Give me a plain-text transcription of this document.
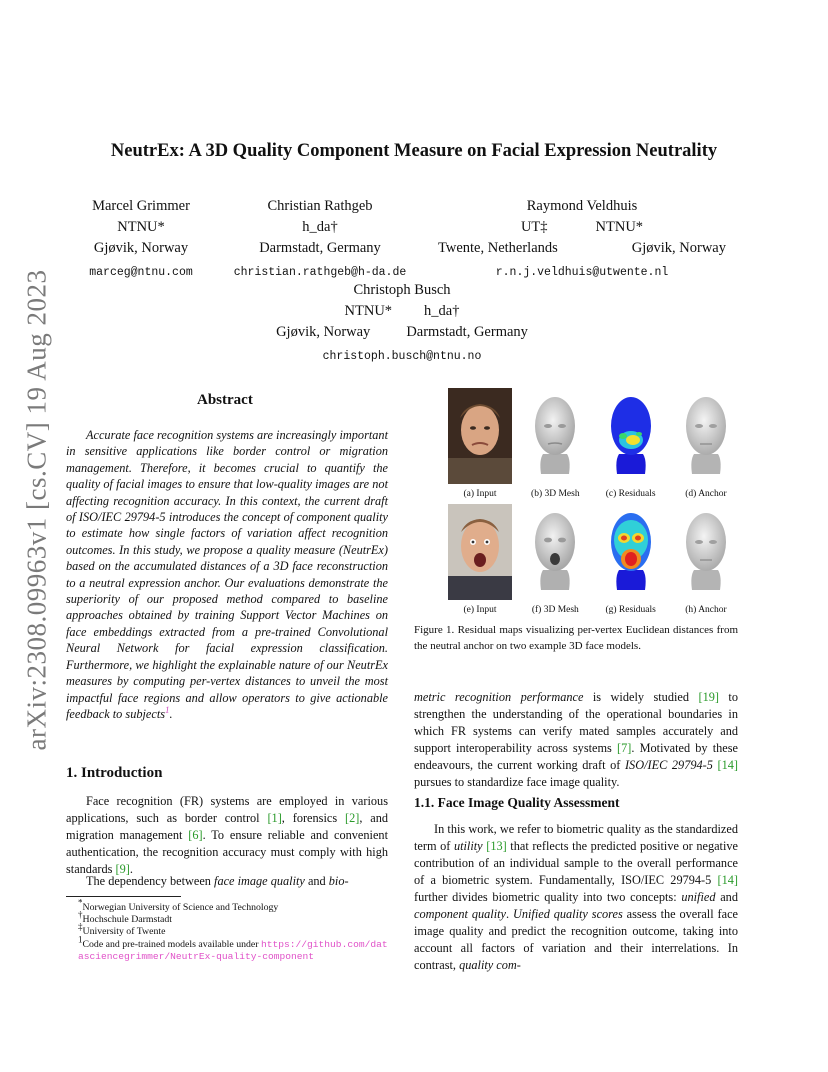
arXiv:2308.09963v1 [cs.CV] 19 Aug 2023
NeutrEx: A 3D Quality Component Measure on Facial Expression Neutrality
Marcel Grimmer
NTNU*
Gjøvik, Norway
marceg@ntnu.com
Christian Rathgeb
h_da†
Darmstadt, Germany
christian.rathgeb@h-da.de
Raymond Veldhuis
UT‡	NTNU*
Twente, Netherlands	Gjøvik, Norway
r.n.j.veldhuis@utwente.nl
Christoph Busch
NTNU* h_da†
Gjøvik, Norway Darmstadt, Germany
christoph.busch@ntnu.no
Abstract

Accurate face recognition systems are increasingly important in sensitive applications like border control or migration management. Therefore, it becomes crucial to quantify the quality of facial images to ensure that low-quality images are not affecting recognition accuracy. In this context, the current draft of ISO/IEC 29794-5 introduces the concept of component quality to estimate how single factors of variation affect recognition outcomes. In this study, we propose a quality measure (NeutrEx) based on the accumulated distances of a 3D face reconstruction to a neutral expression anchor. Our evaluations demonstrate the superiority of our proposed method compared to baseline approaches obtained by training Support Vector Machines on face embeddings extracted from a pre-trained Convolutional Neural Network for facial expression classification. Furthermore, we highlight the explainable nature of our NeutrEx measures by computing per-vertex distances to unveil the most impactful face regions and allow operators to give actionable feedback to subjects$^1$.

1. Introduction

Face recognition (FR) systems are employed in various applications, such as border control [1], forensics [2], and migration management [6]. To ensure reliable and convenient authentication, the recognition accuracy must comply with high standards [9].

The dependency between face image quality and bio-

*Norwegian University of Science and Technology
†Hochschule Darmstadt
‡University of Twente
$^1$Code and pre-trained models available under https://github.com/datasciencegrimmer/NeutrEx-quality-component
(a) Input	(b) 3D Mesh	(c) Residuals	(d) Anchor
(e) Input	(f) 3D Mesh	(g) Residuals	(h) Anchor

Figure 1. Residual maps visualizing per-vertex Euclidean distances from the neutral anchor on two example 3D face models.

metric recognition performance is widely studied [19] to strengthen the understanding of the operational boundaries in which FR systems can verify mated samples accurately and support interoperability across systems [7]. Motivated by these endeavours, the current working draft of ISO/IEC 29794-5 [14] pursues to standardize face image quality.

1.1. Face Image Quality Assessment

In this work, we refer to biometric quality as the standardized term of utility [13] that reflects the predicted positive or negative contribution of an individual sample to the overall performance of a biometric system. Fundamentally, ISO/IEC 29794-5 [14] further divides biometric quality into two concepts: unified and component quality. Unified quality scores assess the overall face image quality and predict the recognition outcome, taking into account all factors of variation and their interrelations. In contrast, quality com-
